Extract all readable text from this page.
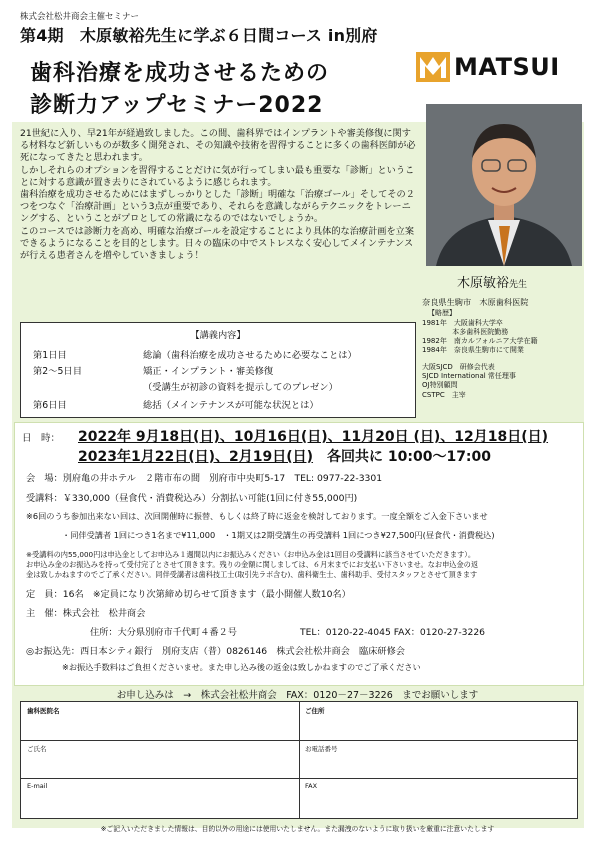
株式会社松井商会主催セミナー
第4期　木原敏裕先生に学ぶ６日間コース in別府
歯科治療を成功させるための
診断力アップセミナー2022
MATSUI

21世紀に入り、早21年が経過致しました。この間、歯科界ではインプラントや審美修復に関する材料など新しいものが数多く開発され、その知識や技術を習得することに多くの歯科医師が必死になってきたと思われます。

しかしそれらのオプションを習得することだけに気が行ってしまい最も重要な「診断」ということに対する意識が置き去りにされているように感じられます。

歯科治療を成功させるためにはまずしっかりとした「診断」明確な「治療ゴール」そしてその２つをつなぐ「治療計画」という3点が重要であり、それらを意識しながらテクニックをトレーニングする、ということがプロとしての常識になるのではないでしょうか。

このコースでは診断力を高め、明確な治療ゴールを設定することにより具体的な治療計画を立案できるようになることを目的とします。日々の臨床の中でストレスなく安心してメインテナンスが行える患者さんを増やしていきましょう！

木原敏裕先生
奈良県生駒市　木原歯科医院
【略歴】
1981年　大阪歯科大学卒
　　　　 本多歯科医院勤務
1982年　南カルフォルニア大学在籍
1984年　奈良県生駒市にて開業
大阪SJCD　研修会代表
SJCD International 常任理事
OJ特別顧問
CSTPC　主宰
【講義内容】
第1日目	総論（歯科治療を成功させるために必要なことは）
第2～5日目	矯正・インプラント・審美修復
（受講生が初診の資料を提示してのプレゼン）
第6日目	総括（メインテナンスが可能な状況とは）
日　時： 2022年 9月18日(日)、10月16日(日)、11月20日 (日)、12月18日(日)
2023年1月22日(日)、2月19日(日)　 各回共に 10:00～17:00
会　場：別府亀の井ホテル　２階市布の間　別府市中央町5-17　TEL: 0977-22-3301
受講料：￥330,000（昼食代・消費税込み）分割払い可能(1回に付き55,000円)
※6回のうち参加出来ない回は、次回開催時に振替、もしくは終了時に返金を検討しております。一度全額をご入金下さいませ
・同伴受講者 1回につき1名まで¥11,000　・1期又は2期受講生の再受講料 1回につき¥27,500円(昼食代・消費税込)
※受講料の内55,000円は申込金としてお申込み１週間以内にお振込みください（お申込み金は1回目の受講料に該当させていただきます）。
お申込み金のお振込みを持って受付完了とさせて頂きます。残りの金額に関しましては、６月末までにお支払い下さいませ。なお申込金の返
金は致しかねますのでご了承ください。同伴受講者は歯科技工士(取引先ラボ含む)、歯科衛生士、歯科助手、受付スタッフとさせて頂きます
定　員：16名　※定員になり次第締め切らせて頂きます（最小開催人数10名）
主　催：株式会社　松井商会
住所：大分県別府市千代町４番２号	TEL：0120-22-4045 FAX：0120-27-3226
◎お振込先：西日本シティ銀行　別府支店（普）0826146　株式会社松井商会　臨床研修会
※お振込手数料はご負担くださいませ。また申し込み後の返金は致しかねますのでご了承ください
お申し込みは　→　株式会社松井商会　FAX：0120－27－3226　までお願いします
歯科医院名	ご住所
ご氏名	お電話番号
E-mail	FAX
※ご記入いただきました情報は、目的以外の用途には使用いたしません。また漏洩のないように取り扱いを厳重に注意いたします
